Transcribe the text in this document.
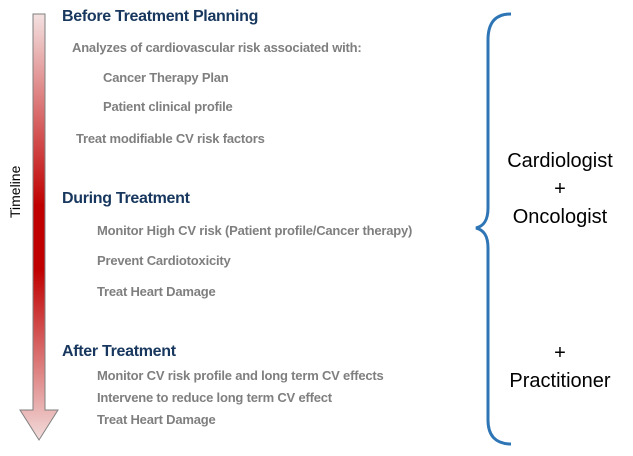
Timeline
Before Treatment Planning
Analyzes of cardiovascular risk associated with:
Cancer Therapy Plan
Patient clinical profile
Treat modifiable CV risk factors
During Treatment
Monitor High CV risk (Patient profile/Cancer therapy)
Prevent Cardiotoxicity
Treat Heart Damage
After Treatment
Monitor CV risk profile and long term CV effects
Intervene to reduce long term CV effect
Treat Heart Damage
Cardiologist
+
Oncologist
+
Practitioner
